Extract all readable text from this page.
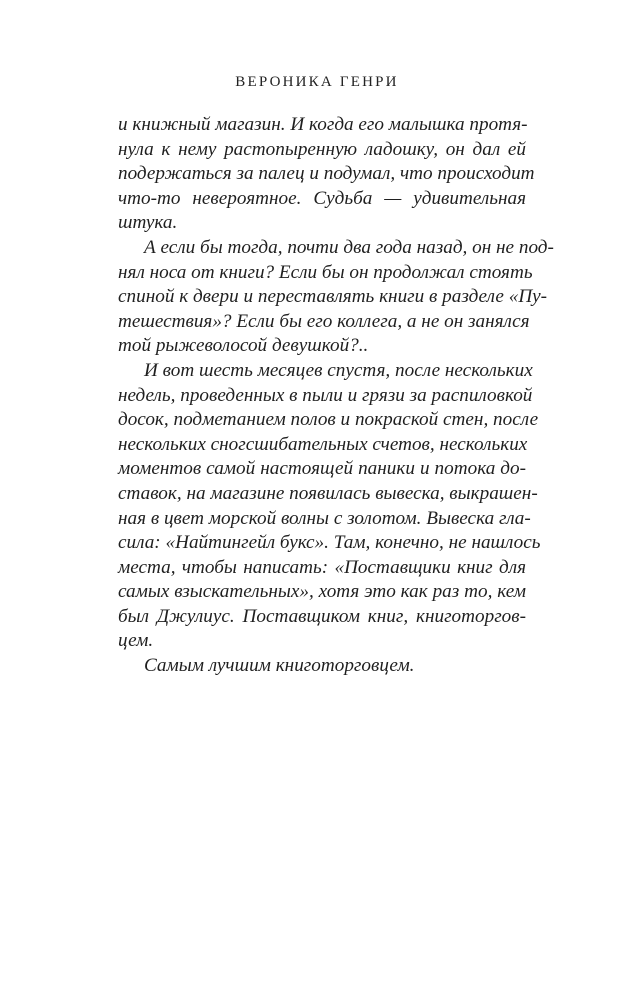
ВЕРОНИКА ГЕНРИ
и книжный магазин. И когда его малышка протя-
нула к нему растопыренную ладошку, он дал ей
подержаться за палец и подумал, что происходит
что-то невероятное. Судьба — удивительная
штука.
А если бы тогда, почти два года назад, он не под-
нял носа от книги? Если бы он продолжал стоять
спиной к двери и переставлять книги в разделе «Пу-
тешествия»? Если бы его коллега, а не он занялся
той рыжеволосой девушкой?..
И вот шесть месяцев спустя, после нескольких
недель, проведенных в пыли и грязи за распиловкой
досок, подметанием полов и покраской стен, после
нескольких сногсшибательных счетов, нескольких
моментов самой настоящей паники и потока до-
ставок, на магазине появилась вывеска, выкрашен-
ная в цвет морской волны с золотом. Вывеска гла-
сила: «Найтингейл букс». Там, конечно, не нашлось
места, чтобы написать: «Поставщики книг для
самых взыскательных», хотя это как раз то, кем
был Джулиус. Поставщиком книг, книготоргов-
цем.
Самым лучшим книготорговцем.
